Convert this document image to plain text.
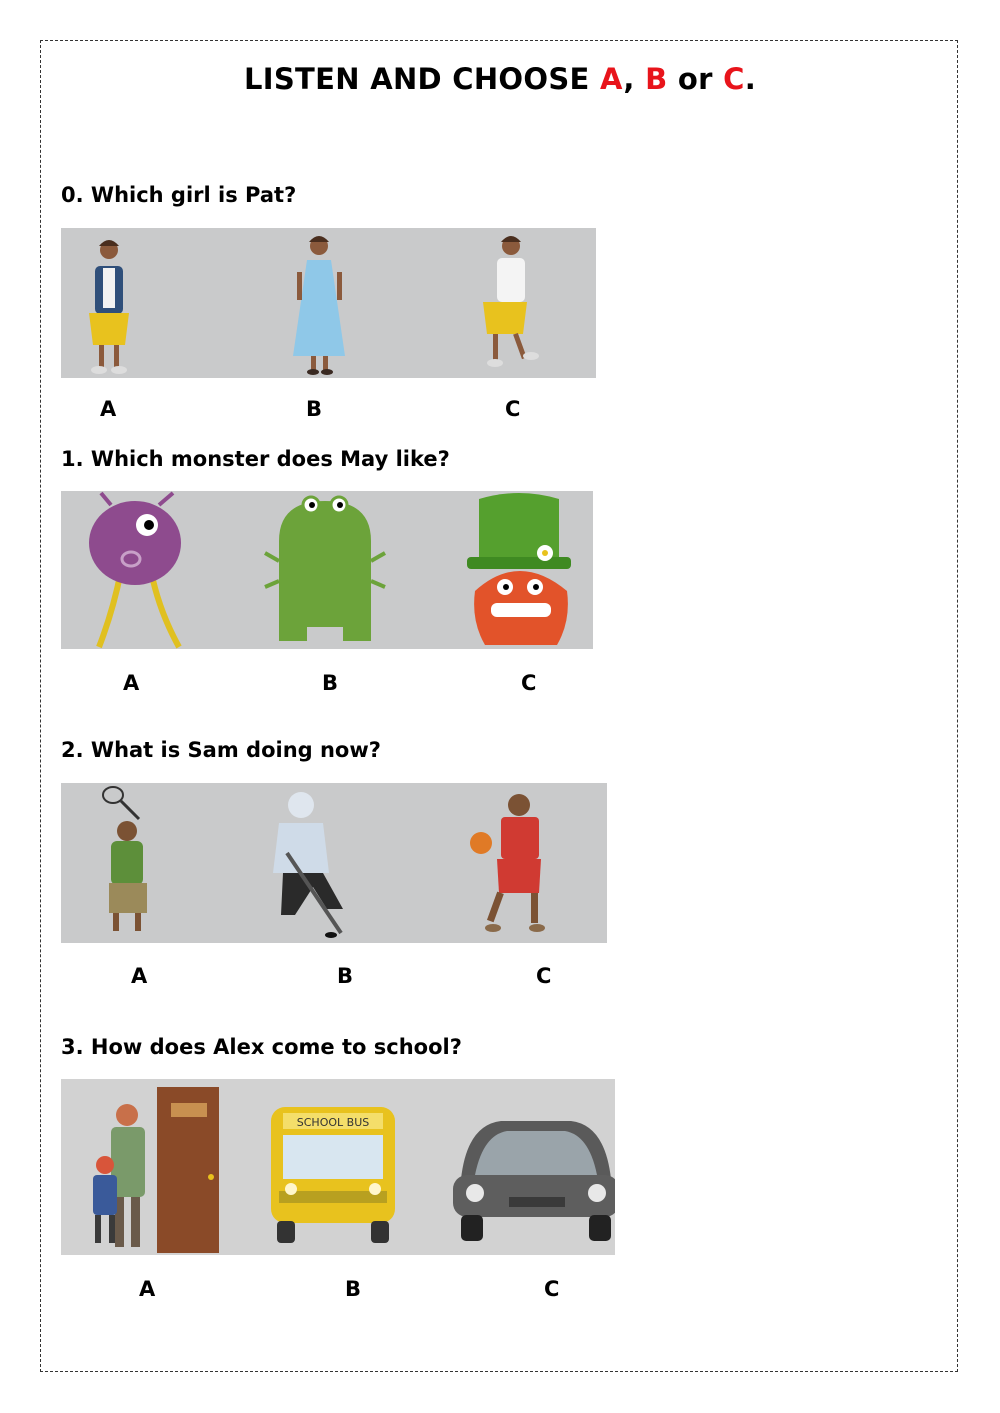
LISTEN AND CHOOSE A, B or C.
0. Which girl is Pat?
A	B	C
1. Which monster does May like?
A	B	C
2. What is Sam doing now?
A	B	C
3. How does Alex come to school?
SCHOOL BUS
A	B	C
